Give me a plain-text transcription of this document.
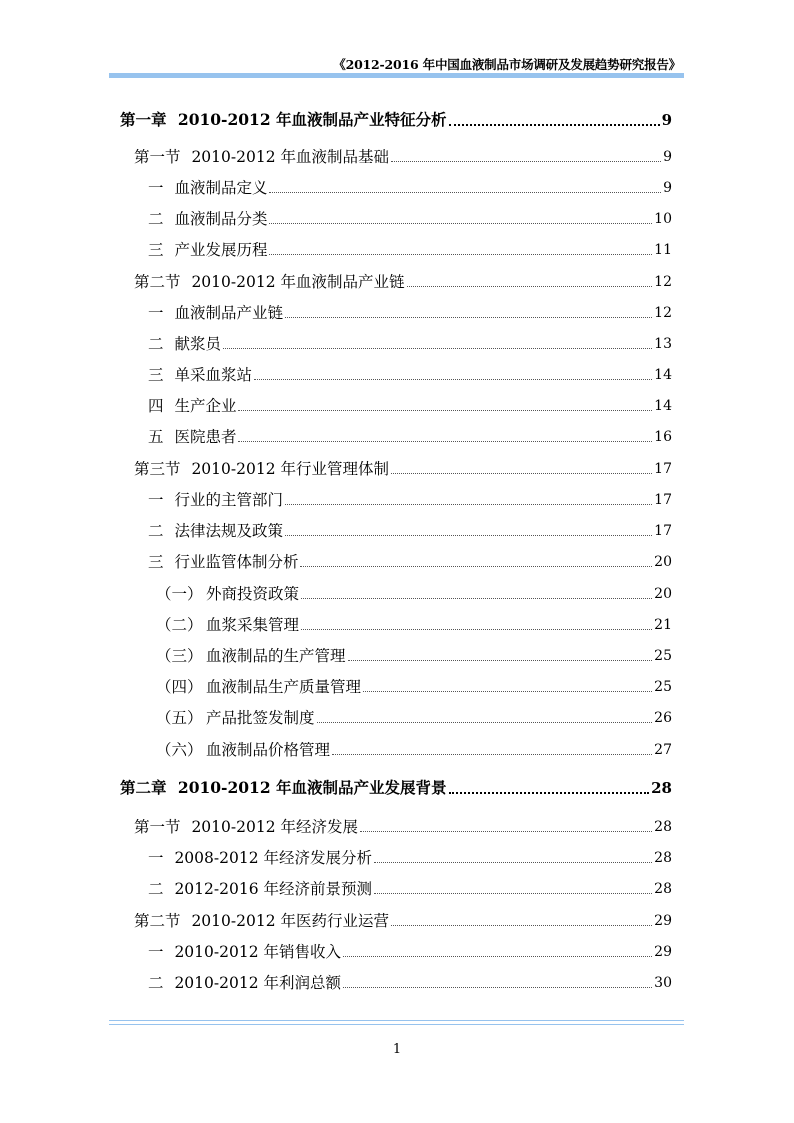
《2012-2016 年中国血液制品市场调研及发展趋势研究报告》
第一章 2010-2012 年血液制品产业特征分析	9
第一节 2010-2012 年血液制品基础	9
一 血液制品定义	9
二 血液制品分类	10
三 产业发展历程	11
第二节 2010-2012 年血液制品产业链	12
一 血液制品产业链	12
二 献浆员	13
三 单采血浆站	14
四 生产企业	14
五 医院患者	16
第三节 2010-2012 年行业管理体制	17
一 行业的主管部门	17
二 法律法规及政策	17
三 行业监管体制分析	20
（一） 外商投资政策	20
（二） 血浆采集管理	21
（三） 血液制品的生产管理	25
（四） 血液制品生产质量管理	25
（五） 产品批签发制度	26
（六） 血液制品价格管理	27
第二章 2010-2012 年血液制品产业发展背景	28
第一节 2010-2012 年经济发展	28
一 2008-2012 年经济发展分析	28
二 2012-2016 年经济前景预测	28
第二节 2010-2012 年医药行业运营	29
一 2010-2012 年销售收入	29
二 2010-2012 年利润总额	30
1
